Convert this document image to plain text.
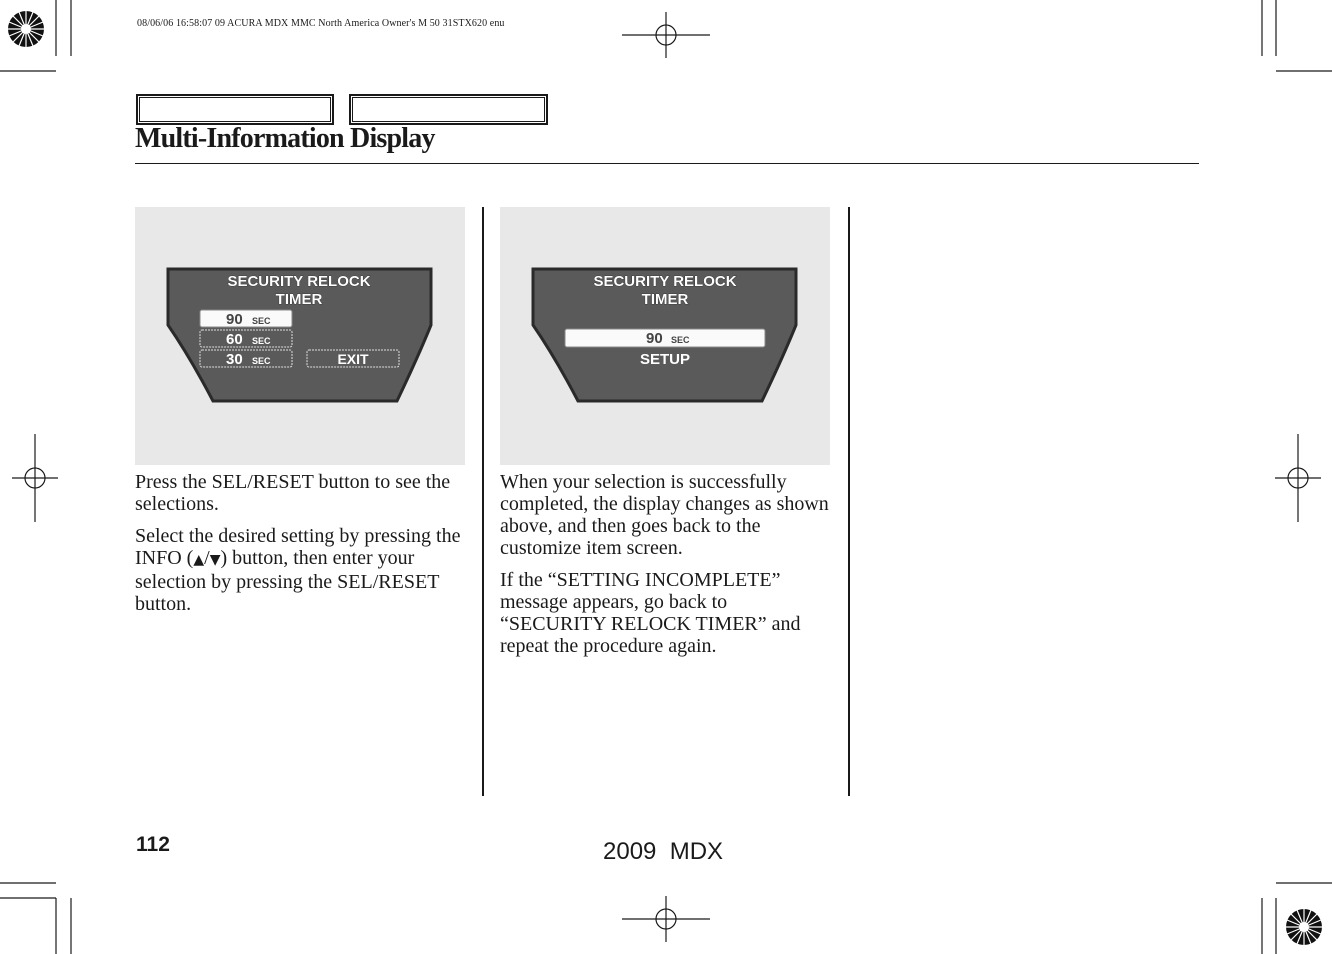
08/06/06 16:58:07 09 ACURA MDX MMC North America Owner's M 50 31STX620 enu
Multi-Information Display
SECURITY RELOCK
TIMER
90 SEC
60 SEC
30 SEC	EXIT
SECURITY RELOCK
TIMER
90 SEC
SETUP

Press the SEL/RESET button to see the selections.

Select the desired setting by pressing the INFO (▲/▼) button, then enter your selection by pressing the SEL/RESET button.

When your selection is successfully completed, the display changes as shown above, and then goes back to the customize item screen.

If the “SETTING INCOMPLETE” message appears, go back to “SECURITY RELOCK TIMER” and repeat the procedure again.

112	2009  MDX
